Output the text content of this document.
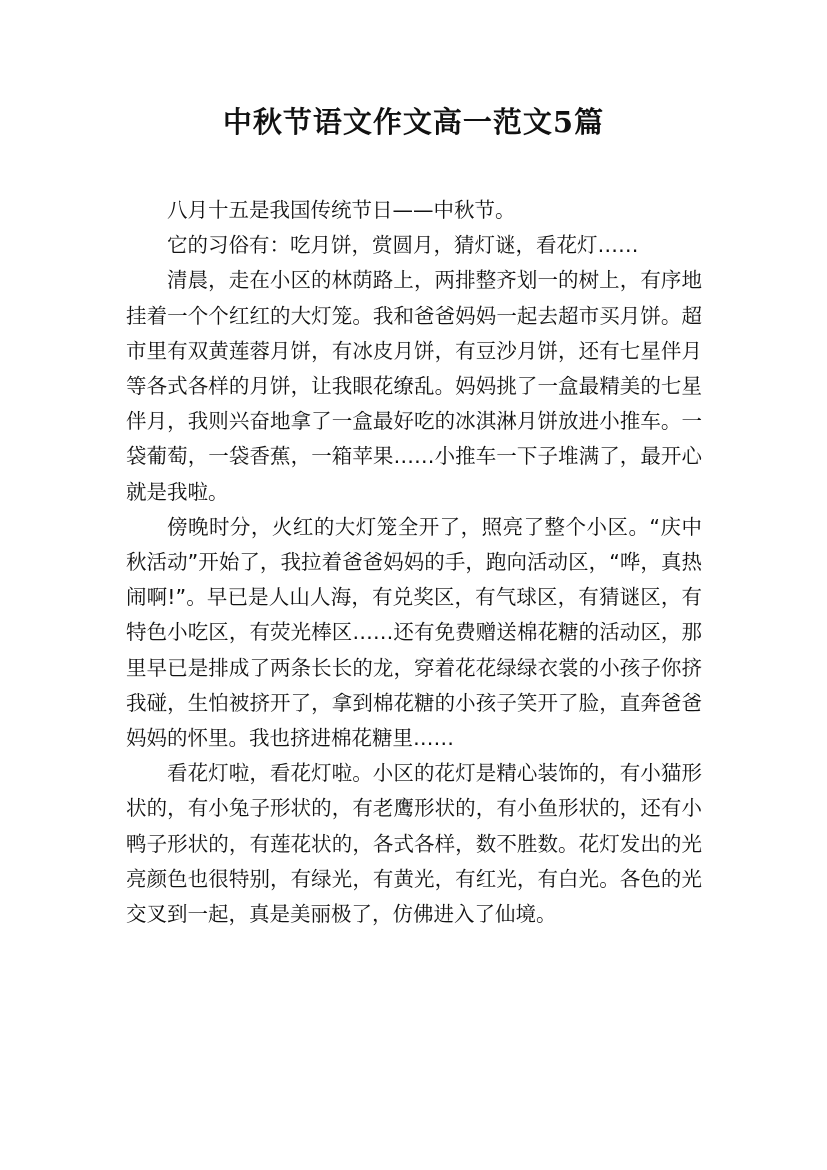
中秋节语文作文高一范文5篇

八月十五是我国传统节日——中秋节。

它的习俗有：吃月饼，赏圆月，猜灯谜，看花灯……

清晨，走在小区的林荫路上，两排整齐划一的树上，有序地挂着一个个红红的大灯笼。我和爸爸妈妈一起去超市买月饼。超市里有双黄莲蓉月饼，有冰皮月饼，有豆沙月饼，还有七星伴月等各式各样的月饼，让我眼花缭乱。妈妈挑了一盒最精美的七星伴月，我则兴奋地拿了一盒最好吃的冰淇淋月饼放进小推车。一袋葡萄，一袋香蕉，一箱苹果……小推车一下子堆满了，最开心就是我啦。

傍晚时分，火红的大灯笼全开了，照亮了整个小区。“庆中秋活动”开始了，我拉着爸爸妈妈的手，跑向活动区，“哗，真热闹啊!”。早已是人山人海，有兑奖区，有气球区，有猜谜区，有特色小吃区，有荧光棒区……还有免费赠送棉花糖的活动区，那里早已是排成了两条长长的龙，穿着花花绿绿衣裳的小孩子你挤我碰，生怕被挤开了，拿到棉花糖的小孩子笑开了脸，直奔爸爸妈妈的怀里。我也挤进棉花糖里……

看花灯啦，看花灯啦。小区的花灯是精心装饰的，有小猫形状的，有小兔子形状的，有老鹰形状的，有小鱼形状的，还有小鸭子形状的，有莲花状的，各式各样，数不胜数。花灯发出的光亮颜色也很特别，有绿光，有黄光，有红光，有白光。各色的光交叉到一起，真是美丽极了，仿佛进入了仙境。
